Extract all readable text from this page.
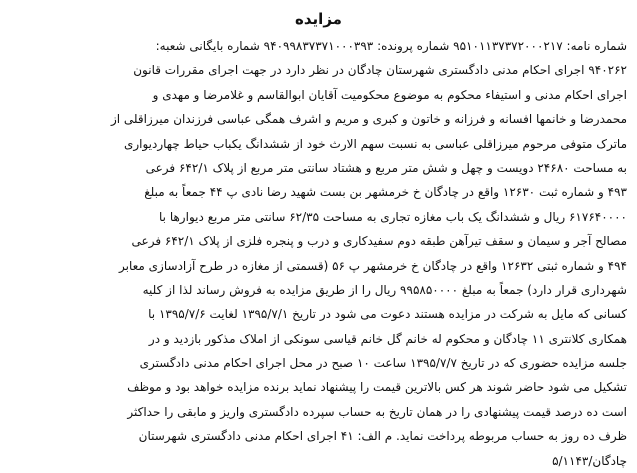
مزایده
شماره نامه: ۹۵۱۰۱۱۳۷۳۷۲۰۰۰۲۱۷ شماره پرونده: ۹۴۰۹۹۸۳۷۳۷۱۰۰۰۳۹۳ شماره بایگانی شعبه:
۹۴۰۲۶۲ اجرای احکام مدنی دادگستری شهرستان چادگان در نظر دارد در جهت اجرای مقررات قانون
اجرای احکام مدنی و استیفاء محکوم به موضوع محکومیت آقایان ابوالقاسم و غلامرضا و مهدی و
محمدرضا و خانمها افسانه و فرزانه و خاتون و کبری و مریم و اشرف همگی عباسی فرزندان میرزاقلی از
ماترک متوفی مرحوم میرزاقلی عباسی به نسبت سهم الارث خود از ششدانگ یکباب حیاط چهاردیواری
به مساحت ۲۴۶۸۰ دویست و چهل و شش متر مربع و هشتاد سانتی متر مربع از پلاک ۶۴۲/۱ فرعی
۴۹۳ و شماره ثبت ۱۲۶۳۰ واقع در چادگان خ خرمشهر بن بست شهید رضا نادی پ ۴۴ جمعاً به مبلغ
۶۱۷۶۴۰۰۰۰ ریال و ششدانگ یک باب مغازه تجاری به مساحت ۶۲/۳۵ سانتی متر مربع دیوارها با
مصالح آجر و سیمان و سقف تیرآهن طبقه دوم سفیدکاری و درب و پنجره فلزی از پلاک ۶۴۲/۱ فرعی
۴۹۴ و شماره ثبتی ۱۲۶۳۲ واقع در چادگان خ خرمشهر پ ۵۶ (قسمتی از مغازه در طرح آزادسازی معابر
شهرداری قرار دارد) جمعاً به مبلغ ۹۹۵۸۵۰۰۰۰ ریال را از طریق مزایده به فروش رساند لذا از کلیه
کسانی که مایل به شرکت در مزایده هستند دعوت می شود در تاریخ ۱۳۹۵/۷/۱ لغایت ۱۳۹۵/۷/۶ با
همکاری کلانتری ۱۱ چادگان و محکوم له خانم گل خانم قیاسی سونکی از املاک مذکور بازدید و در
جلسه مزایده حضوری که در تاریخ ۱۳۹۵/۷/۷ ساعت ۱۰ صبح در محل اجرای احکام مدنی دادگستری
تشکیل می شود حاضر شوند هر کس بالاترین قیمت را پیشنهاد نماید برنده مزایده خواهد بود و موظف
است ده درصد قیمت پیشنهادی را در همان تاریخ به حساب سپرده دادگستری واریز و مابقی را حداکثر
ظرف ده روز به حساب مربوطه پرداخت نماید. م الف: ۴۱ اجرای احکام مدنی دادگستری شهرستان
چادگان/۵/۱۱۴۳
